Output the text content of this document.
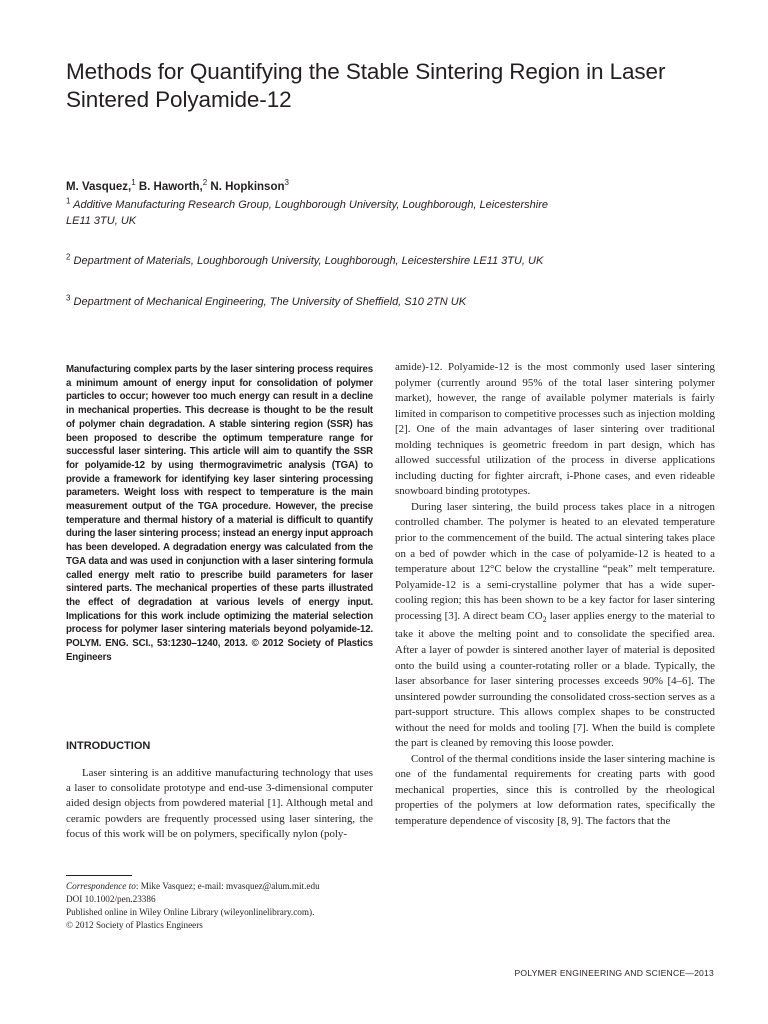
Methods for Quantifying the Stable Sintering Region in Laser Sintered Polyamide-12
M. Vasquez,$^1$ B. Haworth,$^2$ N. Hopkinson$^3$
$^1$ Additive Manufacturing Research Group, Loughborough University, Loughborough, Leicestershire LE11 3TU, UK
$^2$ Department of Materials, Loughborough University, Loughborough, Leicestershire LE11 3TU, UK
$^3$ Department of Mechanical Engineering, The University of Sheffield, S10 2TN UK

Manufacturing complex parts by the laser sintering process requires a minimum amount of energy input for consolidation of polymer particles to occur; however too much energy can result in a decline in mechanical properties. This decrease is thought to be the result of polymer chain degradation. A stable sintering region (SSR) has been proposed to describe the optimum temperature range for successful laser sintering. This article will aim to quantify the SSR for polyamide-12 by using thermogravimetric analysis (TGA) to provide a framework for identifying key laser sintering processing parameters. Weight loss with respect to temperature is the main measurement output of the TGA procedure. However, the precise temperature and thermal history of a material is difficult to quantify during the laser sintering process; instead an energy input approach has been developed. A degradation energy was calculated from the TGA data and was used in conjunction with a laser sintering formula called energy melt ratio to prescribe build parameters for laser sintered parts. The mechanical properties of these parts illustrated the effect of degradation at various levels of energy input. Implications for this work include optimizing the material selection process for polymer laser sintering materials beyond polyamide-12. POLYM. ENG. SCI., 53:1230–1240, 2013. © 2012 Society of Plastics Engineers

INTRODUCTION

Laser sintering is an additive manufacturing technology that uses a laser to consolidate prototype and end-use 3-dimensional computer aided design objects from powdered material [1]. Although metal and ceramic powders are frequently processed using laser sintering, the focus of this work will be on polymers, specifically nylon (poly-

Correspondence to: Mike Vasquez; e-mail: mvasquez@alum.mit.edu
DOI 10.1002/pen.23386
Published online in Wiley Online Library (wileyonlinelibrary.com).
© 2012 Society of Plastics Engineers

amide)-12. Polyamide-12 is the most commonly used laser sintering polymer (currently around 95% of the total laser sintering polymer market), however, the range of available polymer materials is fairly limited in comparison to competitive processes such as injection molding [2]. One of the main advantages of laser sintering over traditional molding techniques is geometric freedom in part design, which has allowed successful utilization of the process in diverse applications including ducting for fighter aircraft, i-Phone cases, and even rideable snowboard binding prototypes.

During laser sintering, the build process takes place in a nitrogen controlled chamber. The polymer is heated to an elevated temperature prior to the commencement of the build. The actual sintering takes place on a bed of powder which in the case of polyamide-12 is heated to a temperature about 12°C below the crystalline “peak” melt temperature. Polyamide-12 is a semi-crystalline polymer that has a wide super-cooling region; this has been shown to be a key factor for laser sintering processing [3]. A direct beam $CO_2$ laser applies energy to the material to take it above the melting point and to consolidate the specified area. After a layer of powder is sintered another layer of material is deposited onto the build using a counter-rotating roller or a blade. Typically, the laser absorbance for laser sintering processes exceeds 90% [4–6]. The unsintered powder surrounding the consolidated cross-section serves as a part-support structure. This allows complex shapes to be constructed without the need for molds and tooling [7]. When the build is complete the part is cleaned by removing this loose powder.

Control of the thermal conditions inside the laser sintering machine is one of the fundamental requirements for creating parts with good mechanical properties, since this is controlled by the rheological properties of the polymers at low deformation rates, specifically the temperature dependence of viscosity [8, 9]. The factors that the

POLYMER ENGINEERING AND SCIENCE—2013
